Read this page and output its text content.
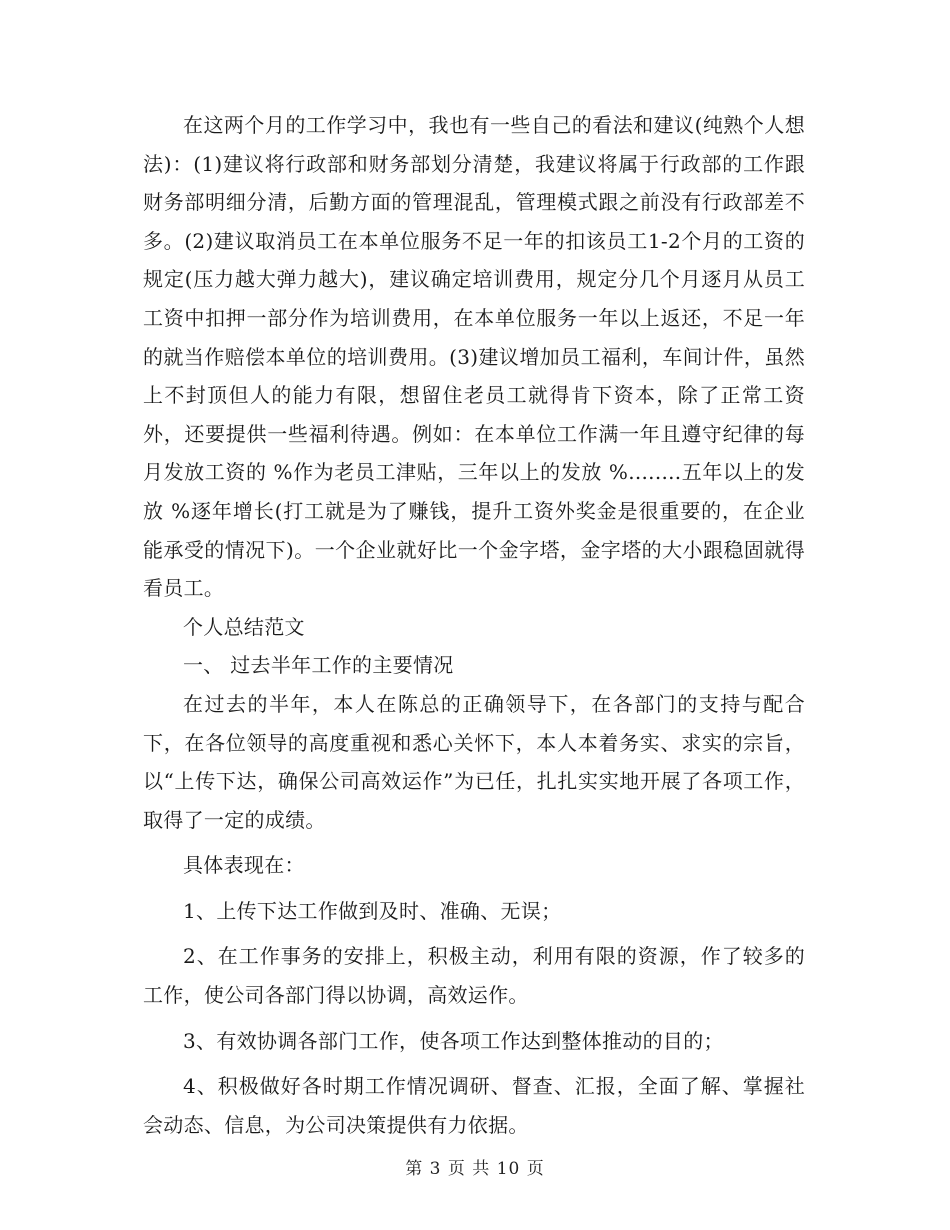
在这两个月的工作学习中，我也有一些自己的看法和建议(纯熟个人想法)：(1)建议将行政部和财务部划分清楚，我建议将属于行政部的工作跟财务部明细分清，后勤方面的管理混乱，管理模式跟之前没有行政部差不多。(2)建议取消员工在本单位服务不足一年的扣该员工1-2个月的工资的规定(压力越大弹力越大)，建议确定培训费用，规定分几个月逐月从员工工资中扣押一部分作为培训费用，在本单位服务一年以上返还，不足一年的就当作赔偿本单位的培训费用。(3)建议增加员工福利，车间计件，虽然上不封顶但人的能力有限，想留住老员工就得肯下资本，除了正常工资外，还要提供一些福利待遇。例如：在本单位工作满一年且遵守纪律的每月发放工资的 %作为老员工津贴，三年以上的发放 %........五年以上的发放 %逐年增长(打工就是为了赚钱，提升工资外奖金是很重要的，在企业能承受的情况下)。一个企业就好比一个金字塔，金字塔的大小跟稳固就得看员工。

个人总结范文

一、 过去半年工作的主要情况

在过去的半年，本人在陈总的正确领导下，在各部门的支持与配合下，在各位领导的高度重视和悉心关怀下，本人本着务实、求实的宗旨，以“上传下达，确保公司高效运作”为已任，扎扎实实地开展了各项工作，取得了一定的成绩。

具体表现在：

1、上传下达工作做到及时、准确、无误；

2、在工作事务的安排上，积极主动，利用有限的资源，作了较多的工作，使公司各部门得以协调，高效运作。

3、有效协调各部门工作，使各项工作达到整体推动的目的；

4、积极做好各时期工作情况调研、督查、汇报，全面了解、掌握社会动态、信息，为公司决策提供有力依据。

第 3 页 共 10 页
